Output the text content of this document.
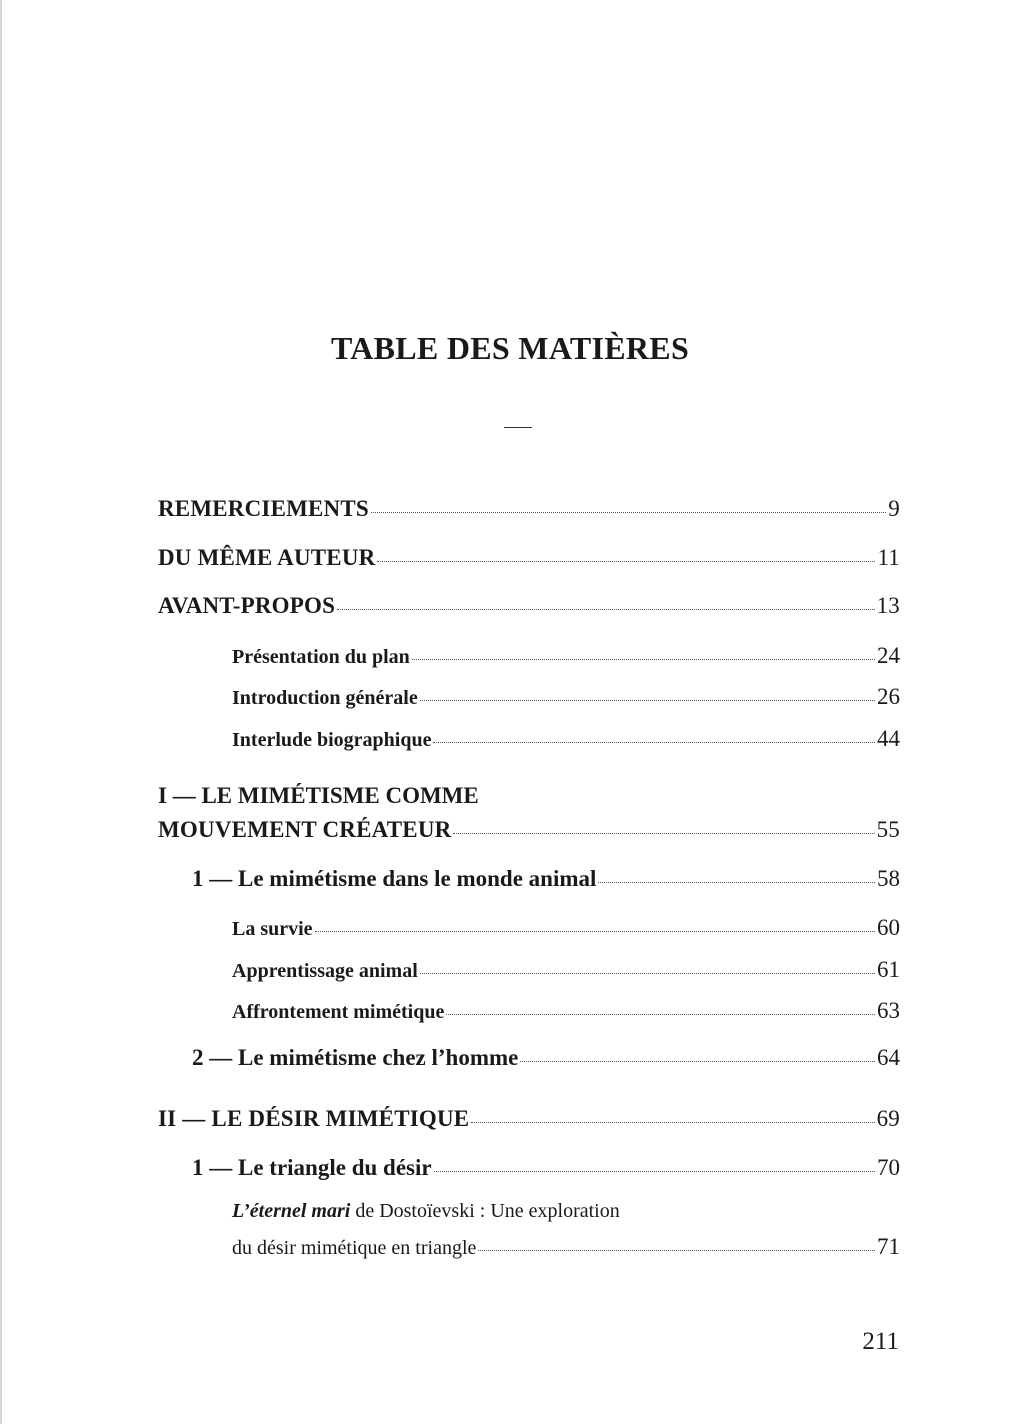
TABLE DES MATIÈRES
REMERCIEMENTS	9
DU MÊME AUTEUR	11
AVANT-PROPOS	13
Présentation du plan	24
Introduction générale	26
Interlude biographique	44
I — LE MIMÉTISME COMME
MOUVEMENT CRÉATEUR	55
1 — Le mimétisme dans le monde animal	58
La survie	60
Apprentissage animal	61
Affrontement mimétique	63
2 — Le mimétisme chez l’homme	64
II — LE DÉSIR MIMÉTIQUE	69
1 — Le triangle du désir	70
L’éternel mari de Dostoïevski : Une exploration
du désir mimétique en triangle	71
211
